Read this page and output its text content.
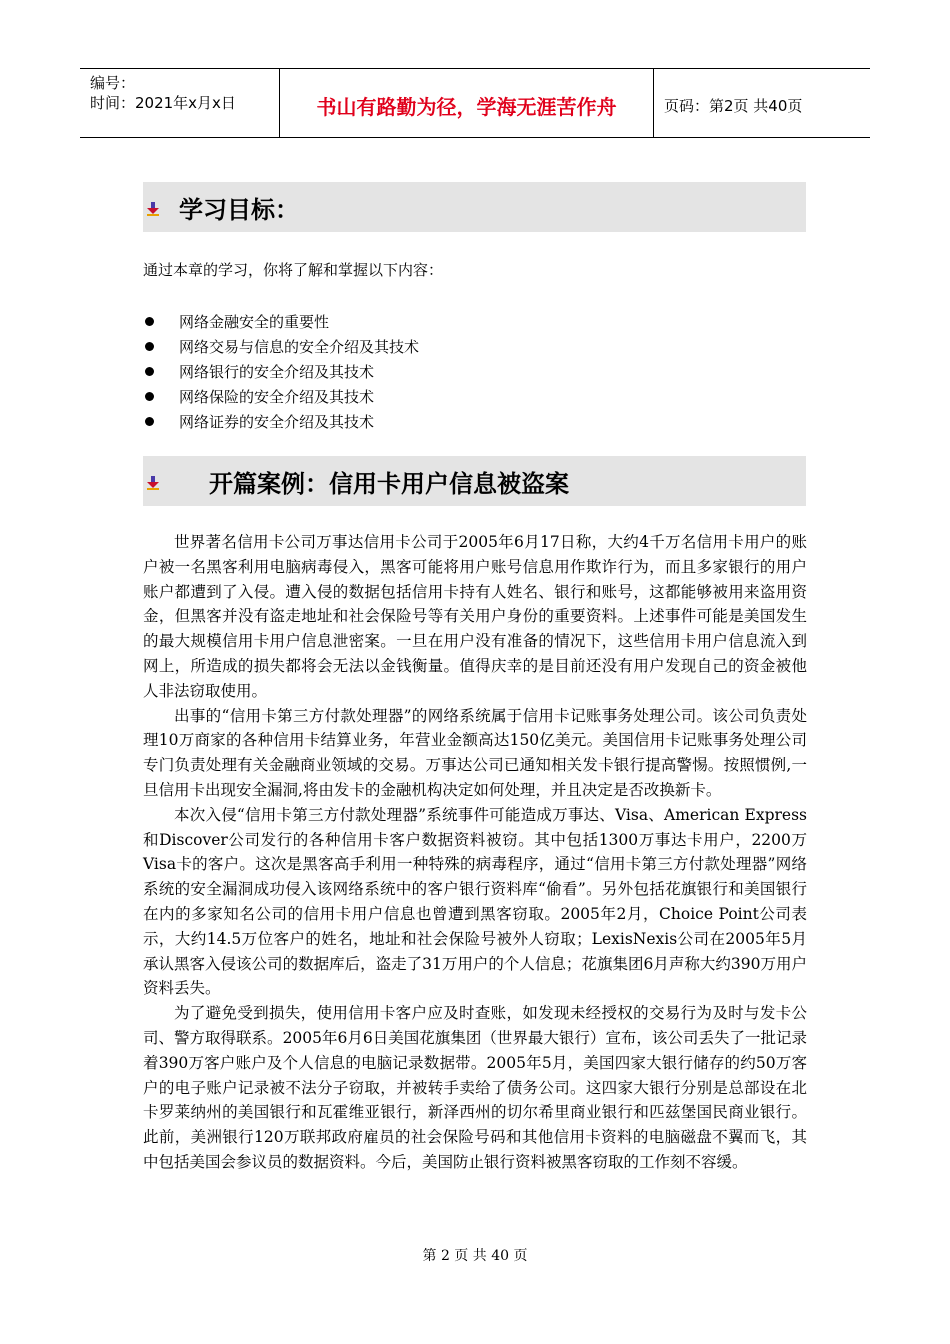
编号：
时间：2021年x月x日	书山有路勤为径，学海无涯苦作舟	页码：第2页 共40页
学习目标：
通过本章的学习，你将了解和掌握以下内容：
网络金融安全的重要性
网络交易与信息的安全介绍及其技术
网络银行的安全介绍及其技术
网络保险的安全介绍及其技术
网络证券的安全介绍及其技术
开篇案例：信用卡用户信息被盗案

世界著名信用卡公司万事达信用卡公司于2005年6月17日称，大约4千万名信用卡用户的账户被一名黑客利用电脑病毒侵入，黑客可能将用户账号信息用作欺诈行为，而且多家银行的用户账户都遭到了入侵。遭入侵的数据包括信用卡持有人姓名、银行和账号，这都能够被用来盗用资金，但黑客并没有盗走地址和社会保险号等有关用户身份的重要资料。上述事件可能是美国发生的最大规模信用卡用户信息泄密案。一旦在用户没有准备的情况下，这些信用卡用户信息流入到网上，所造成的损失都将会无法以金钱衡量。值得庆幸的是目前还没有用户发现自己的资金被他人非法窃取使用。

出事的“信用卡第三方付款处理器”的网络系统属于信用卡记账事务处理公司。该公司负责处理10万商家的各种信用卡结算业务，年营业金额高达150亿美元。美国信用卡记账事务处理公司专门负责处理有关金融商业领域的交易。万事达公司已通知相关发卡银行提高警惕。按照惯例,一旦信用卡出现安全漏洞,将由发卡的金融机构决定如何处理，并且决定是否改换新卡。

本次入侵“信用卡第三方付款处理器”系统事件可能造成万事达、Visa、American Express和Discover公司发行的各种信用卡客户数据资料被窃。其中包括1300万事达卡用户，2200万Visa卡的客户。这次是黑客高手利用一种特殊的病毒程序，通过“信用卡第三方付款处理器”网络系统的安全漏洞成功侵入该网络系统中的客户银行资料库“偷看”。另外包括花旗银行和美国银行在内的多家知名公司的信用卡用户信息也曾遭到黑客窃取。2005年2月，Choice Point公司表示，大约14.5万位客户的姓名，地址和社会保险号被外人窃取；LexisNexis公司在2005年5月承认黑客入侵该公司的数据库后，盗走了31万用户的个人信息；花旗集团6月声称大约390万用户资料丢失。

为了避免受到损失，使用信用卡客户应及时查账，如发现未经授权的交易行为及时与发卡公司、警方取得联系。2005年6月6日美国花旗集团（世界最大银行）宣布，该公司丢失了一批记录着390万客户账户及个人信息的电脑记录数据带。2005年5月，美国四家大银行储存的约50万客户的电子账户记录被不法分子窃取，并被转手卖给了债务公司。这四家大银行分别是总部设在北卡罗莱纳州的美国银行和瓦霍维亚银行，新泽西州的切尔希里商业银行和匹兹堡国民商业银行。此前，美洲银行120万联邦政府雇员的社会保险号码和其他信用卡资料的电脑磁盘不翼而飞，其中包括美国会参议员的数据资料。今后，美国防止银行资料被黑客窃取的工作刻不容缓。

第 2 页 共 40 页
